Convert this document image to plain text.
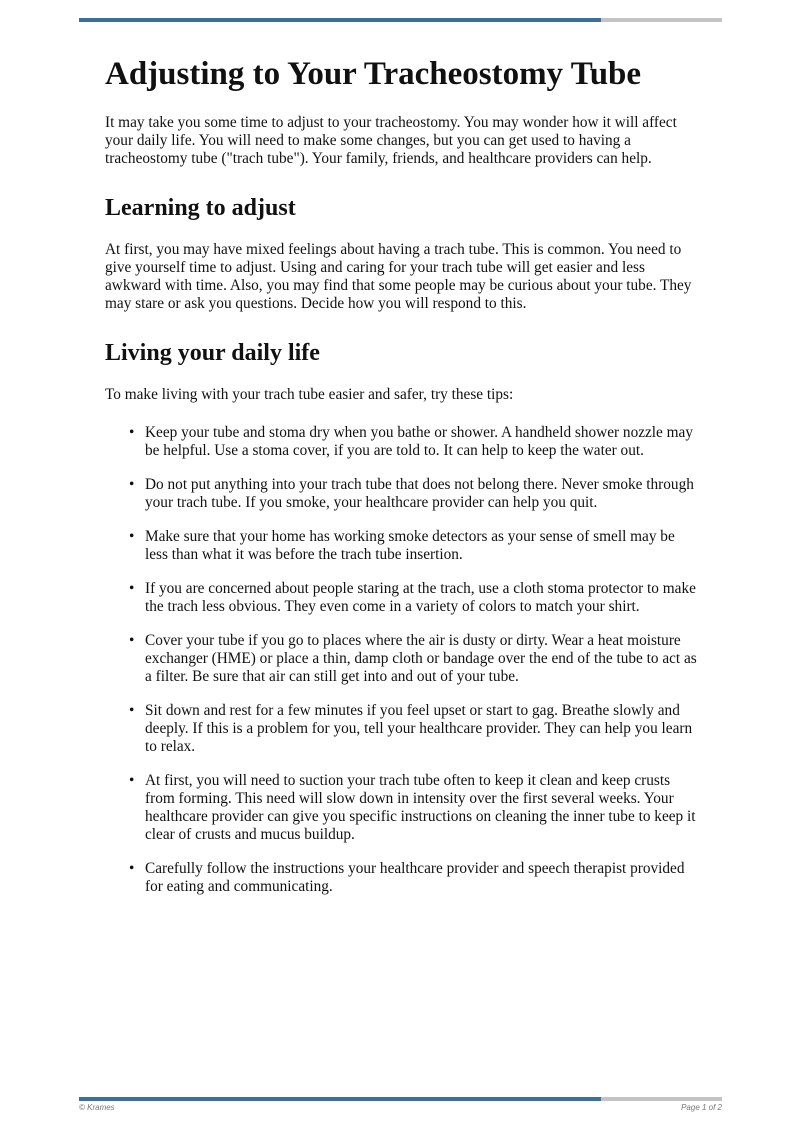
Adjusting to Your Tracheostomy Tube

It may take you some time to adjust to your tracheostomy. You may wonder how it will affect your daily life. You will need to make some changes, but you can get used to having a tracheostomy tube ("trach tube"). Your family, friends, and healthcare providers can help.

Learning to adjust

At first, you may have mixed feelings about having a trach tube. This is common. You need to give yourself time to adjust. Using and caring for your trach tube will get easier and less awkward with time. Also, you may find that some people may be curious about your tube. They may stare or ask you questions. Decide how you will respond to this.

Living your daily life

To make living with your trach tube easier and safer, try these tips:

• Keep your tube and stoma dry when you bathe or shower. A handheld shower nozzle may be helpful. Use a stoma cover, if you are told to. It can help to keep the water out.
• Do not put anything into your trach tube that does not belong there. Never smoke through your trach tube. If you smoke, your healthcare provider can help you quit.
• Make sure that your home has working smoke detectors as your sense of smell may be less than what it was before the trach tube insertion.
• If you are concerned about people staring at the trach, use a cloth stoma protector to make the trach less obvious. They even come in a variety of colors to match your shirt.
• Cover your tube if you go to places where the air is dusty or dirty. Wear a heat moisture exchanger (HME) or place a thin, damp cloth or bandage over the end of the tube to act as a filter. Be sure that air can still get into and out of your tube.
• Sit down and rest for a few minutes if you feel upset or start to gag. Breathe slowly and deeply. If this is a problem for you, tell your healthcare provider. They can help you learn to relax.
• At first, you will need to suction your trach tube often to keep it clean and keep crusts from forming. This need will slow down in intensity over the first several weeks. Your healthcare provider can give you specific instructions on cleaning the inner tube to keep it clear of crusts and mucus buildup.
• Carefully follow the instructions your healthcare provider and speech therapist provided for eating and communicating.
© Krames	Page 1 of 2
